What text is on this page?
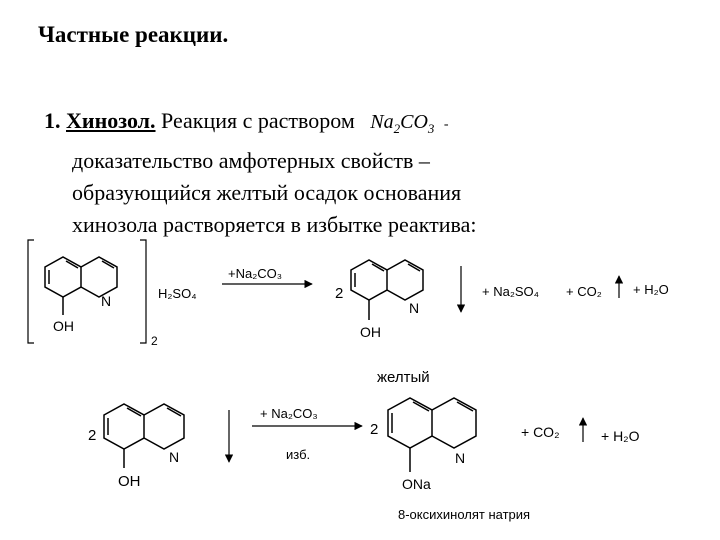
Частные реакции.
1. Хинозол. Реакция с раствором $Na_2CO_3$ -
доказательство амфотерных свойств –
образующийся желтый осадок основания
хинозола растворяется в избытке реактива:
N
OH
H₂SO₄
2
+Na₂CO₃
2
N
OH
+ Na₂SO₄ + CO₂ + H₂O
желтый
2
N
OH
+ Na₂CO₃
изб.
2
N
ONa
+ CO₂	+ H₂O
8-оксихинолят натрия
